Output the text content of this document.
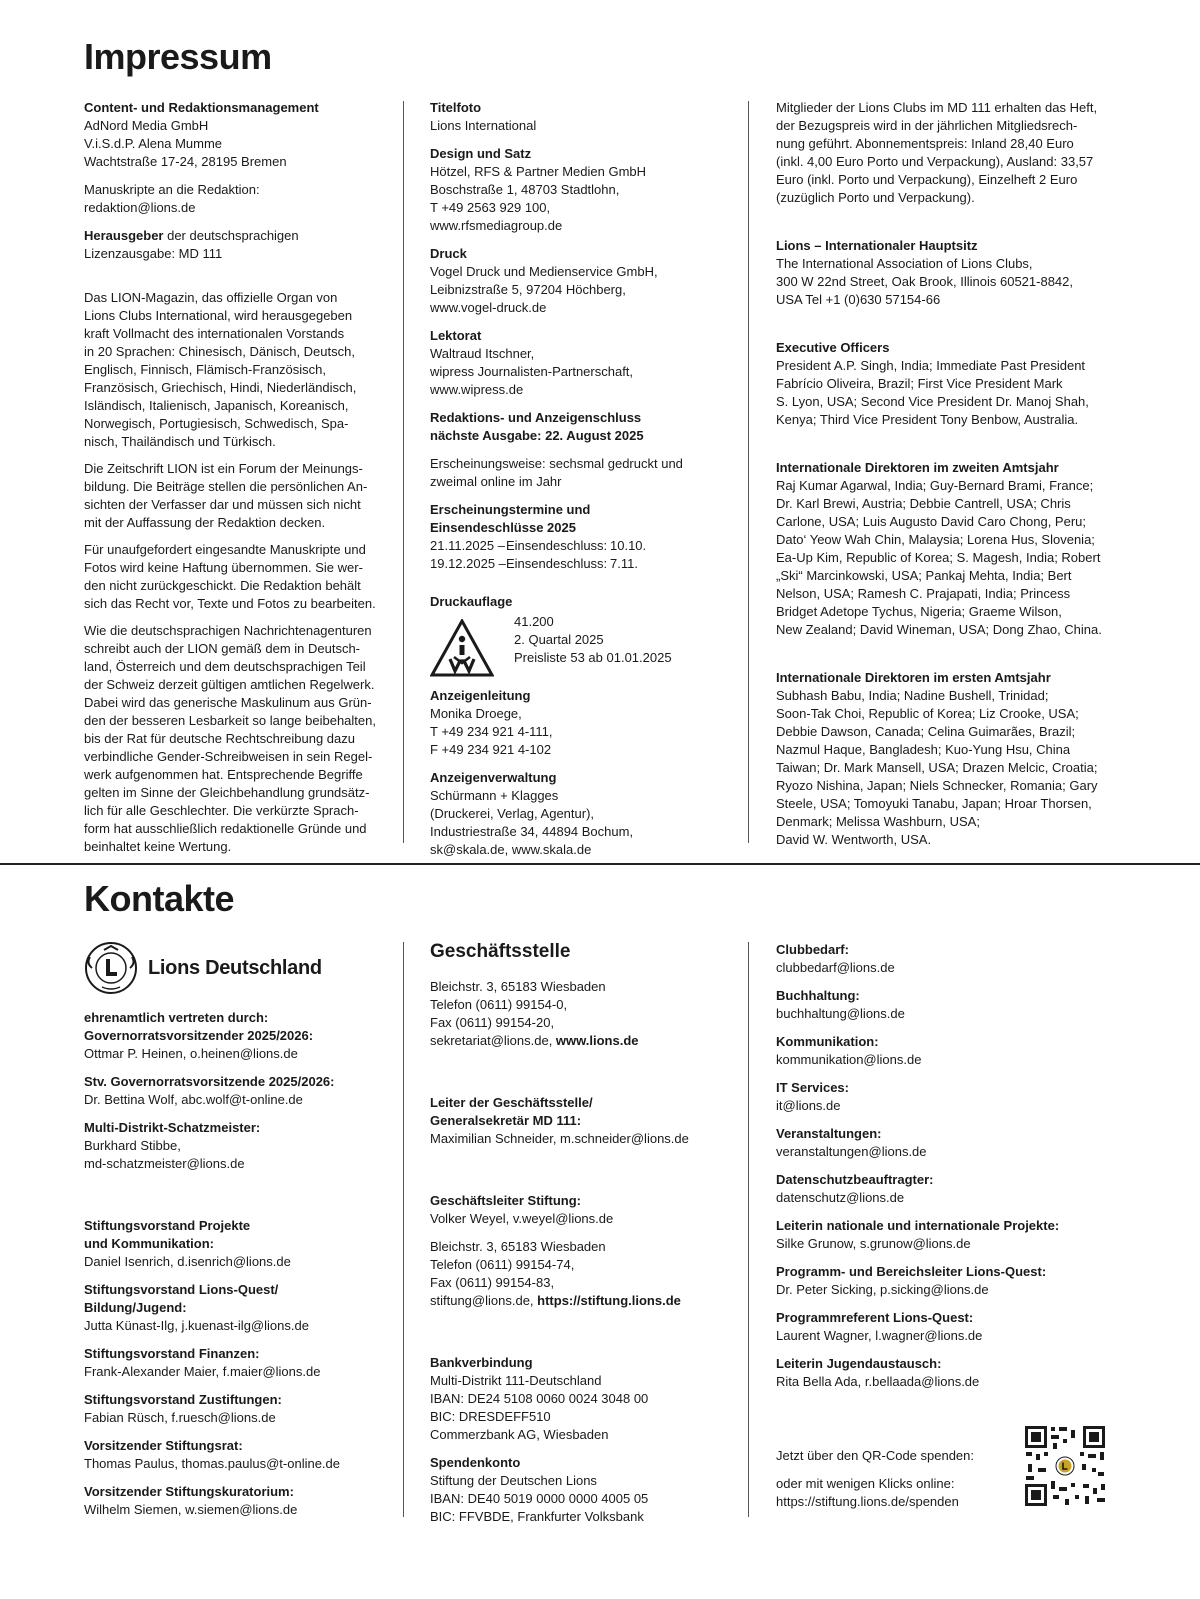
Impressum
Content- und Redaktionsmanagement
AdNord Media GmbH
V.i.S.d.P. Alena Mumme
Wachtstraße 17-24, 28195 Bremen
Manuskripte an die Redaktion:
redaktion@lions.de
Herausgeber der deutschsprachigen
Lizenzausgabe: MD 111
Das LION-Magazin, das offizielle Organ von
Lions Clubs International, wird herausgegeben
kraft Vollmacht des internationalen Vorstands
in 20 Sprachen: Chinesisch, Dänisch, Deutsch,
Englisch, Finnisch, Flämisch-Französisch,
Französisch, Griechisch, Hindi, Niederländisch,
Isländisch, Italienisch, Japanisch, Koreanisch,
Norwegisch, Portugiesisch, Schwedisch, Spa-
nisch, Thailändisch und Türkisch.
Die Zeitschrift LION ist ein Forum der Meinungs-
bildung. Die Beiträge stellen die persönlichen An-
sichten der Verfasser dar und müssen sich nicht
mit der Auffassung der Redaktion decken.
Für unaufgefordert eingesandte Manuskripte und
Fotos wird keine Haftung übernommen. Sie wer-
den nicht zurückgeschickt. Die Redaktion behält
sich das Recht vor, Texte und Fotos zu bearbeiten.
Wie die deutschsprachigen Nachrichtenagenturen
schreibt auch der LION gemäß dem in Deutsch-
land, Österreich und dem deutschsprachigen Teil
der Schweiz derzeit gültigen amtlichen Regelwerk.
Dabei wird das generische Maskulinum aus Grün-
den der besseren Lesbarkeit so lange beibehalten,
bis der Rat für deutsche Rechtschreibung dazu
verbindliche Gender-Schreibweisen in sein Regel-
werk aufgenommen hat. Entsprechende Begriffe
gelten im Sinne der Gleichbehandlung grundsätz-
lich für alle Geschlechter. Die verkürzte Sprach-
form hat ausschließlich redaktionelle Gründe und
beinhaltet keine Wertung.
Titelfoto
Lions International
Design und Satz
Hötzel, RFS & Partner Medien GmbH
Boschstraße 1, 48703 Stadtlohn,
T +49 2563 929 100,
www.rfsmediagroup.de
Druck
Vogel Druck und Medienservice GmbH,
Leibnizstraße 5, 97204 Höchberg,
www.vogel-druck.de
Lektorat
Waltraud Itschner,
wipress Journalisten-Partnerschaft,
www.wipress.de
Redaktions- und Anzeigenschluss
nächste Ausgabe: 22. August 2025
Erscheinungsweise: sechsmal gedruckt und
zweimal online im Jahr
Erscheinungstermine und
Einsendeschlüsse 2025
21.11.2025 – Einsendeschluss: 10.10.
19.12.2025 – Einsendeschluss: 7.11.
Druckauflage
41.200
2. Quartal 2025
Preisliste 53 ab 01.01.2025
Anzeigenleitung
Monika Droege,
T +49 234 921 4-111,
F +49 234 921 4-102
Anzeigenverwaltung
Schürmann + Klagges
(Druckerei, Verlag, Agentur),
Industriestraße 34, 44894 Bochum,
sk@skala.de, www.skala.de
Mitglieder der Lions Clubs im MD 111 erhalten das Heft,
der Bezugspreis wird in der jährlichen Mitgliedsrech-
nung geführt. Abonnementspreis: Inland 28,40 Euro
(inkl. 4,00 Euro Porto und Verpackung), Ausland: 33,57
Euro (inkl. Porto und Verpackung), Einzelheft 2 Euro
(zuzüglich Porto und Verpackung).
Lions – Internationaler Hauptsitz
The International Association of Lions Clubs,
300 W 22nd Street, Oak Brook, Illinois 60521-8842,
USA Tel +1 (0)630 57154-66
Executive Officers
President A.P. Singh, India; Immediate Past President
Fabrício Oliveira, Brazil; First Vice President Mark
S. Lyon, USA; Second Vice President Dr. Manoj Shah,
Kenya; Third Vice President Tony Benbow, Australia.
Internationale Direktoren im zweiten Amtsjahr
Raj Kumar Agarwal, India; Guy-Bernard Brami, France;
Dr. Karl Brewi, Austria; Debbie Cantrell, USA; Chris
Carlone, USA; Luis Augusto David Caro Chong, Peru;
Dato‘ Yeow Wah Chin, Malaysia; Lorena Hus, Slovenia;
Ea-Up Kim, Republic of Korea; S. Magesh, India; Robert
„Ski“ Marcinkowski, USA; Pankaj Mehta, India; Bert
Nelson, USA; Ramesh C. Prajapati, India; Princess
Bridget Adetope Tychus, Nigeria; Graeme Wilson,
New Zealand; David Wineman, USA; Dong Zhao, China.
Internationale Direktoren im ersten Amtsjahr
Subhash Babu, India; Nadine Bushell, Trinidad;
Soon-Tak Choi, Republic of Korea; Liz Crooke, USA;
Debbie Dawson, Canada; Celina Guimarães, Brazil;
Nazmul Haque, Bangladesh; Kuo-Yung Hsu, China
Taiwan; Dr. Mark Mansell, USA; Drazen Melcic, Croatia;
Ryozo Nishina, Japan; Niels Schnecker, Romania; Gary
Steele, USA; Tomoyuki Tanabu, Japan; Hroar Thorsen,
Denmark; Melissa Washburn, USA;
David W. Wentworth, USA.
Kontakte
Lions Deutschland
ehrenamtlich vertreten durch:
Governorratsvorsitzender 2025/2026:
Ottmar P. Heinen, o.heinen@lions.de
Stv. Governorratsvorsitzende 2025/2026:
Dr. Bettina Wolf, abc.wolf@t-online.de
Multi-Distrikt-Schatzmeister:
Burkhard Stibbe,
md-schatzmeister@lions.de
Stiftungsvorstand Projekte
und Kommunikation:
Daniel Isenrich, d.isenrich@lions.de
Stiftungsvorstand Lions-Quest/
Bildung/Jugend:
Jutta Künast-Ilg, j.kuenast-ilg@lions.de
Stiftungsvorstand Finanzen:
Frank-Alexander Maier, f.maier@lions.de
Stiftungsvorstand Zustiftungen:
Fabian Rüsch, f.ruesch@lions.de
Vorsitzender Stiftungsrat:
Thomas Paulus, thomas.paulus@t-online.de
Vorsitzender Stiftungskuratorium:
Wilhelm Siemen, w.siemen@lions.de
Geschäftsstelle
Bleichstr. 3, 65183 Wiesbaden
Telefon (0611) 99154-0,
Fax (0611) 99154-20,
sekretariat@lions.de, www.lions.de
Leiter der Geschäftsstelle/
Generalsekretär MD 111:
Maximilian Schneider, m.schneider@lions.de
Geschäftsleiter Stiftung:
Volker Weyel, v.weyel@lions.de
Bleichstr. 3, 65183 Wiesbaden
Telefon (0611) 99154-74,
Fax (0611) 99154-83,
stiftung@lions.de, https://stiftung.lions.de
Bankverbindung
Multi-Distrikt 111-Deutschland
IBAN: DE24 5108 0060 0024 3048 00
BIC: DRESDEFF510
Commerzbank AG, Wiesbaden
Spendenkonto
Stiftung der Deutschen Lions
IBAN: DE40 5019 0000 0000 4005 05
BIC: FFVBDE, Frankfurter Volksbank
Clubbedarf:
clubbedarf@lions.de
Buchhaltung:
buchhaltung@lions.de
Kommunikation:
kommunikation@lions.de
IT Services:
it@lions.de
Veranstaltungen:
veranstaltungen@lions.de
Datenschutzbeauftragter:
datenschutz@lions.de
Leiterin nationale und internationale Projekte:
Silke Grunow, s.grunow@lions.de
Programm- und Bereichsleiter Lions-Quest:
Dr. Peter Sicking, p.sicking@lions.de
Programmreferent Lions-Quest:
Laurent Wagner, l.wagner@lions.de
Leiterin Jugendaustausch:
Rita Bella Ada, r.bellaada@lions.de
Jetzt über den QR-Code spenden:
oder mit wenigen Klicks online:
https://stiftung.lions.de/spenden
